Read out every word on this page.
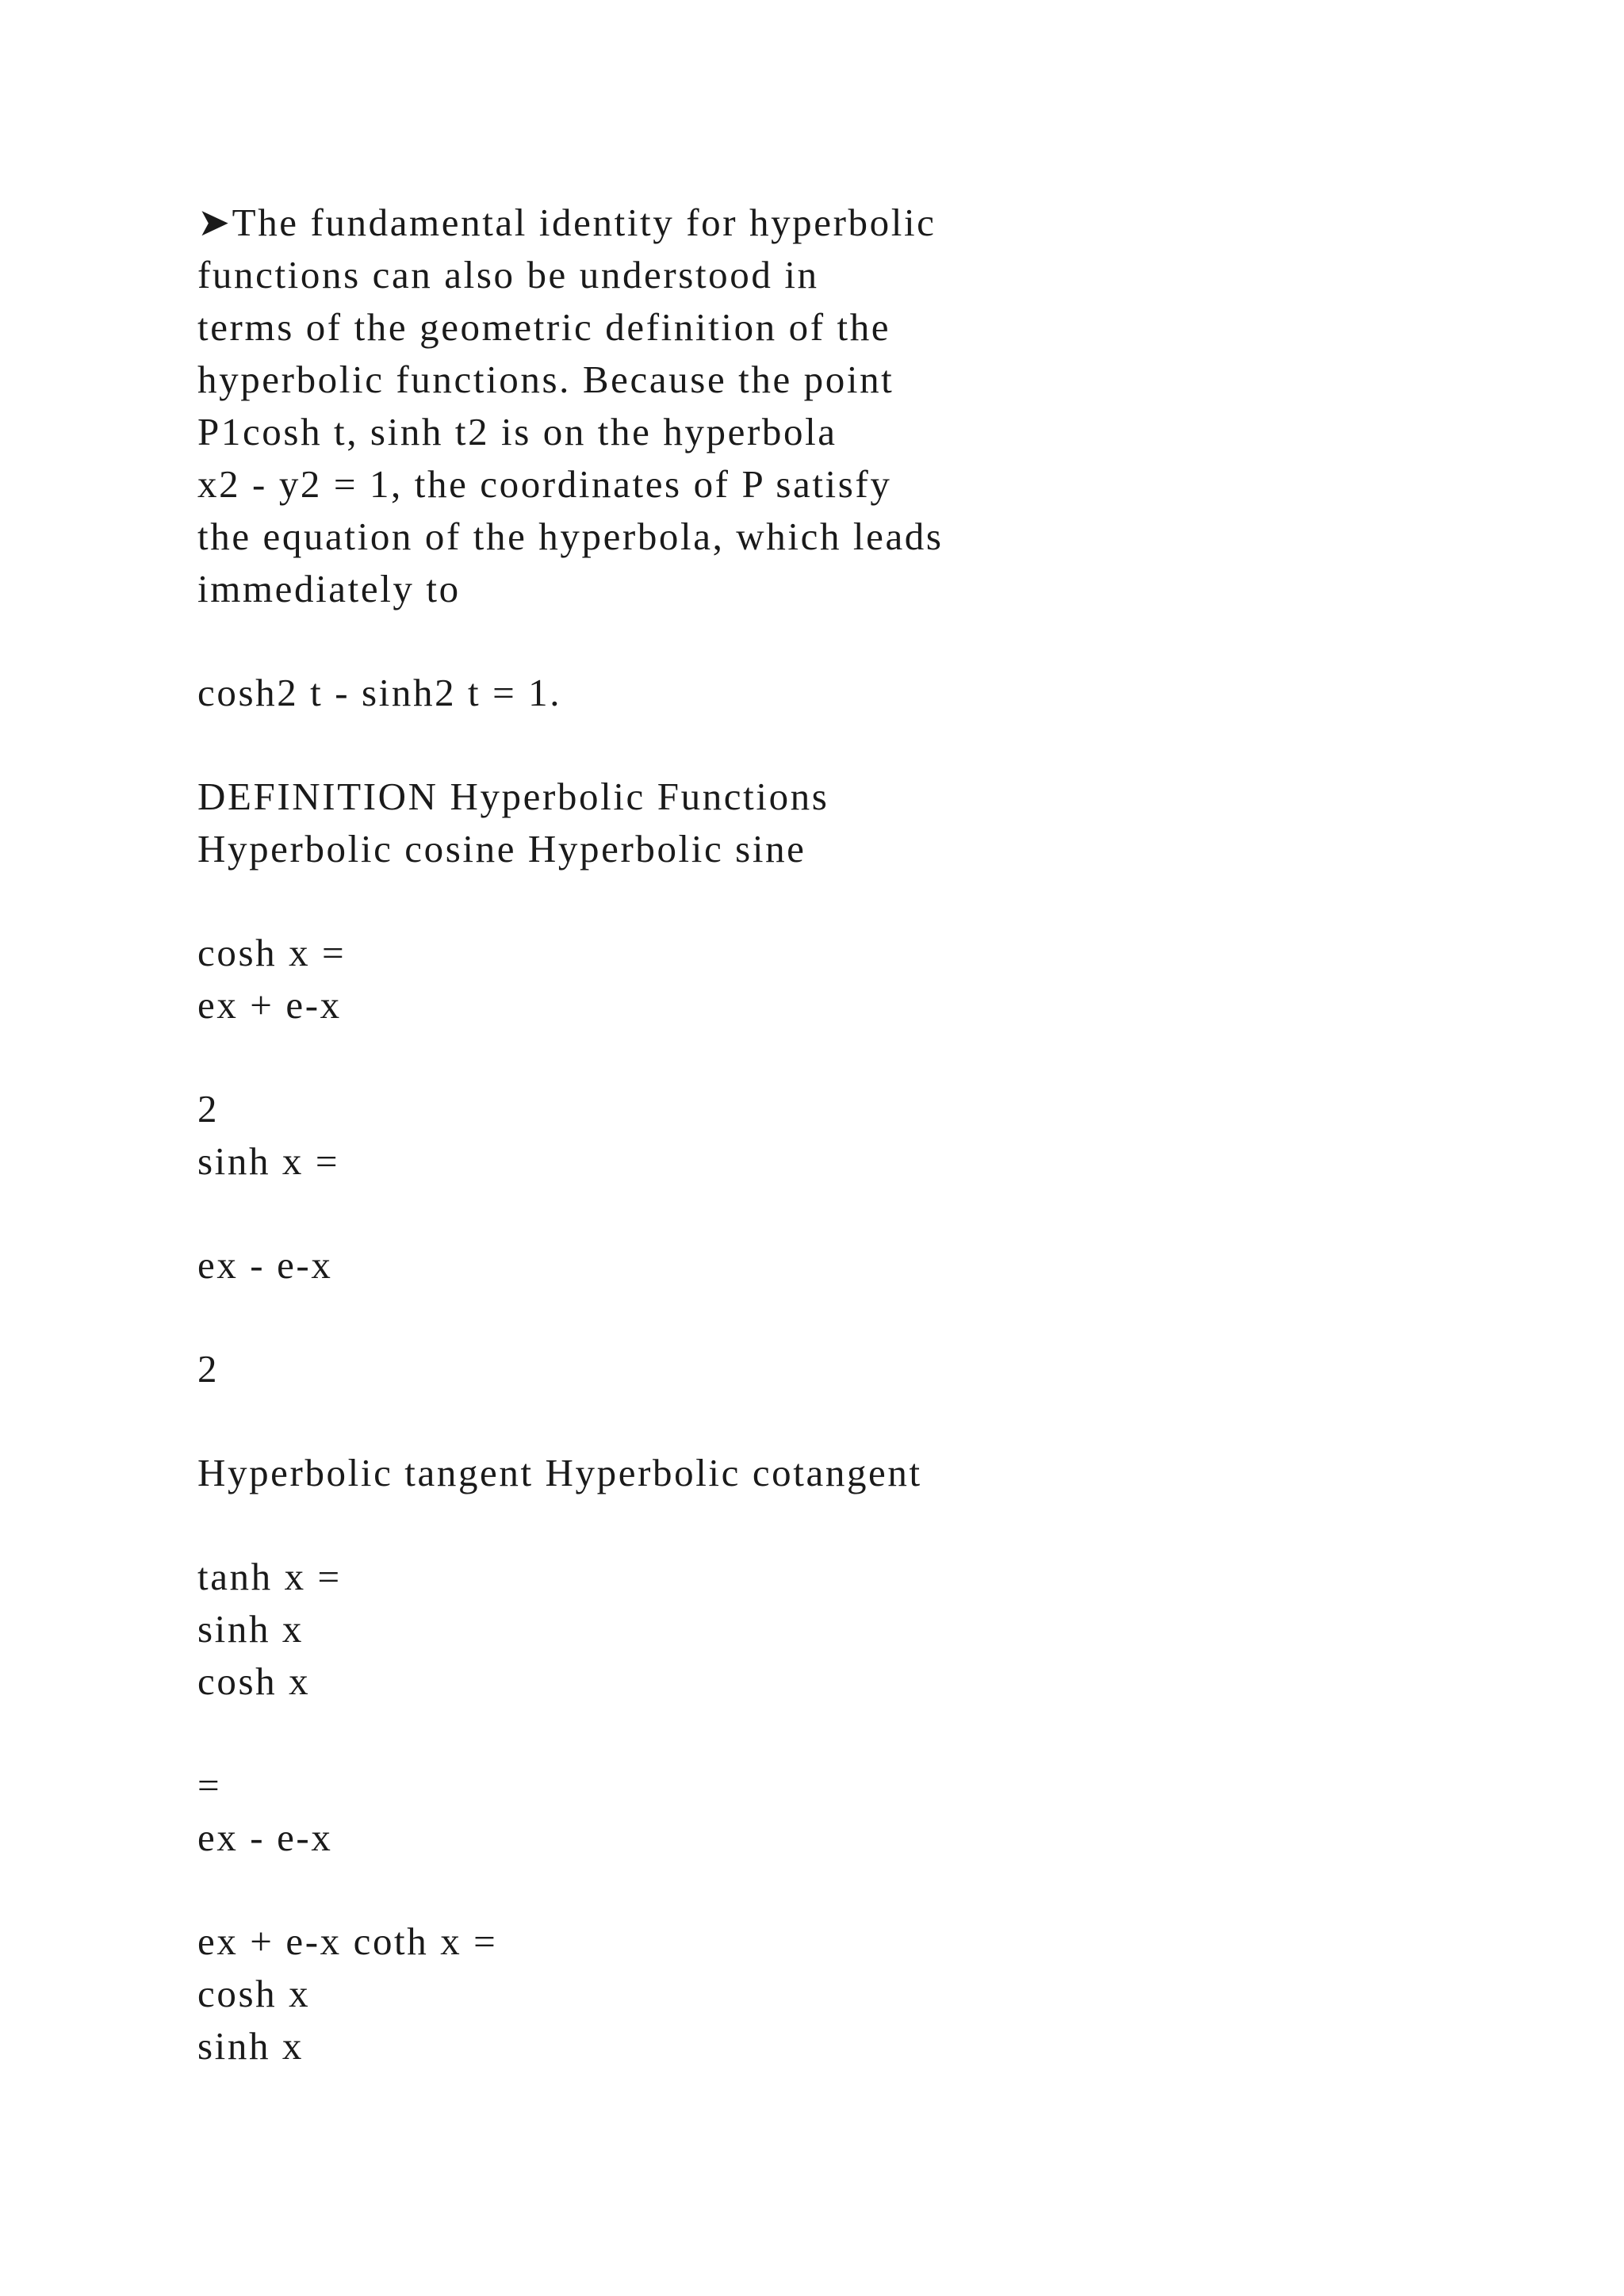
➤The fundamental identity for hyperbolic

functions can also be understood in

terms of the geometric definition of the

hyperbolic functions. Because the point

P1cosh t, sinh t2 is on the hyperbola

x2 - y2 = 1, the coordinates of P satisfy

the equation of the hyperbola, which leads

immediately to

cosh2 t - sinh2 t = 1.

DEFINITION Hyperbolic Functions

Hyperbolic cosine Hyperbolic sine

cosh x =

ex + e-x

2

sinh x =

ex - e-x

2

Hyperbolic tangent Hyperbolic cotangent

tanh x =

sinh x

cosh x

=

ex - e-x

ex + e-x coth x =

cosh x

sinh x
